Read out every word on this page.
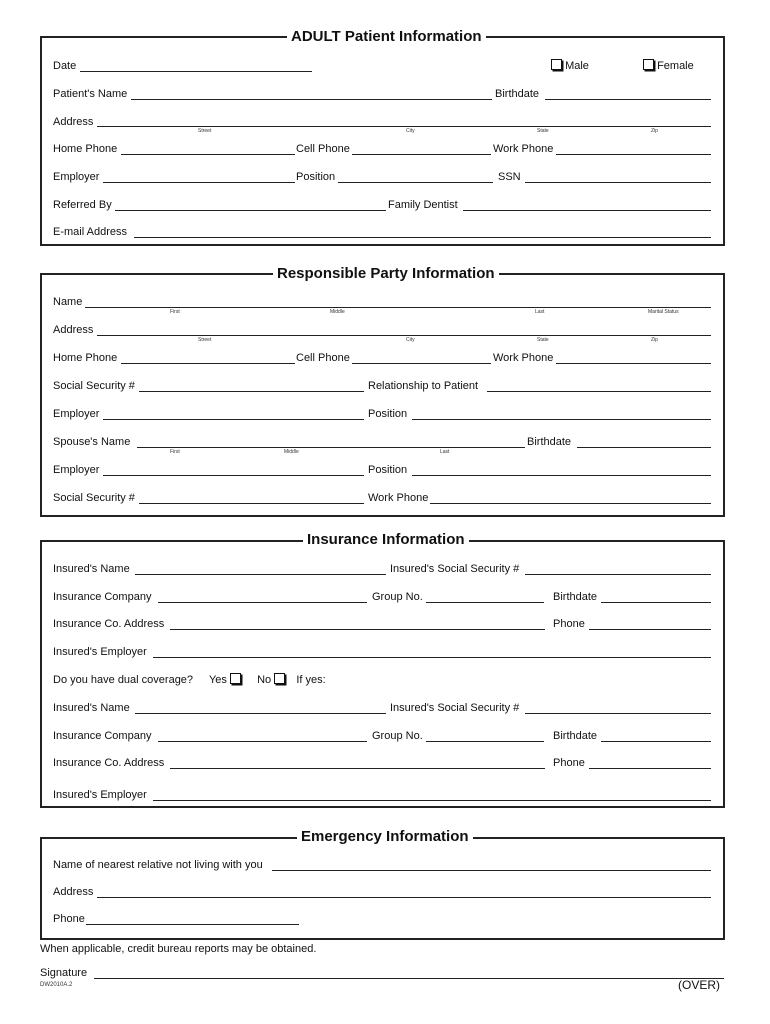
ADULT Patient Information
Date	Male	Female
Patient's Name	Birthdate
Address
Street	City	State	Zip
Home Phone	Cell Phone	Work Phone
Employer	Position	SSN
Referred By	Family Dentist
E-mail Address
Responsible Party Information
Name
First	Middle	Last	Marital Status
Address
Street	City	State	Zip
Home Phone	Cell Phone	Work Phone
Social Security #	Relationship to Patient
Employer	Position
Spouse's Name	Birthdate
First	Middle	Last
Employer	Position
Social Security #	Work Phone
Insurance Information
Insured's Name	Insured's Social Security #
Insurance Company	Group No.	Birthdate
Insurance Co. Address	Phone
Insured's Employer
Do you have dual coverage? Yes	No If yes:
Insured's Name	Insured's Social Security #
Insurance Company	Group No.	Birthdate
Insurance Co. Address	Phone
Insured's Employer
Emergency Information
Name of nearest relative not living with you
Address
Phone
When applicable, credit bureau reports may be obtained.
Signature
DW2010A.2	(OVER)
